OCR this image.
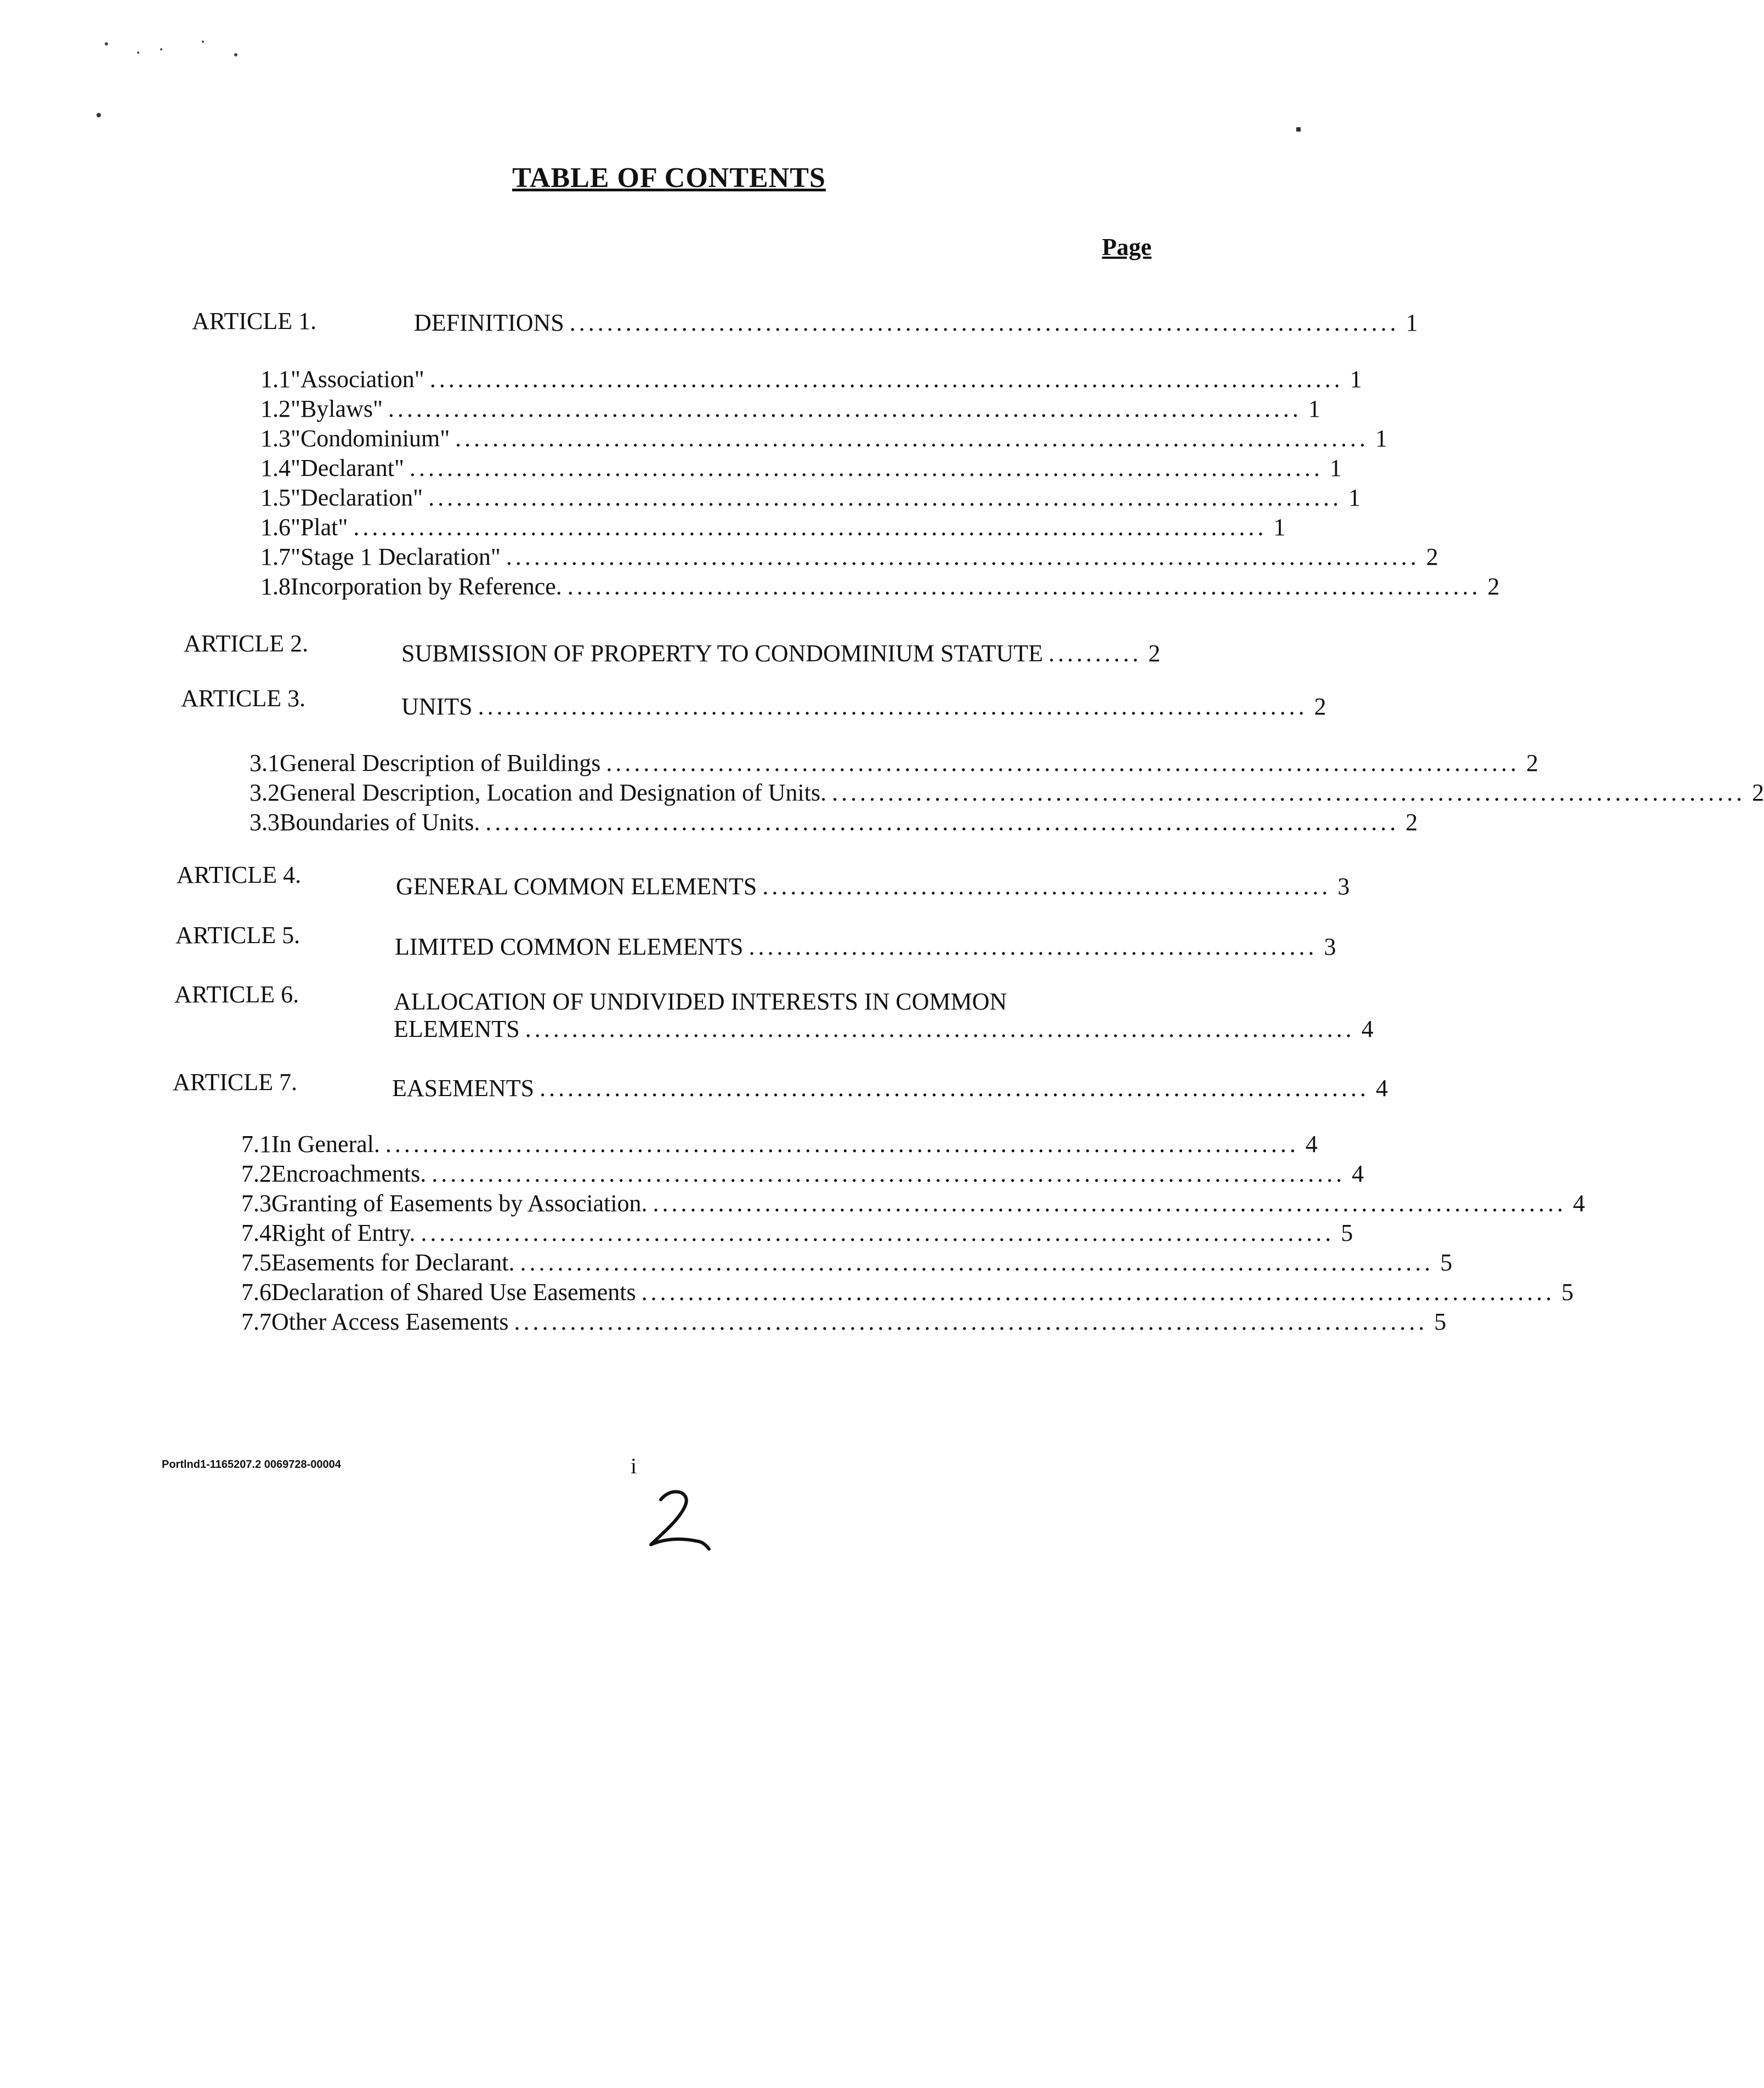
TABLE OF CONTENTS
Page
ARTICLE 1.	DEFINITIONS ......................................................................................... 1
1.1 "Association" .................................................................................................. 1
1.2 "Bylaws" .................................................................................................. 1
1.3 "Condominium" .................................................................................................. 1
1.4 "Declarant" .................................................................................................. 1
1.5 "Declaration" .................................................................................................. 1
1.6 "Plat" .................................................................................................. 1
1.7 "Stage 1 Declaration" .................................................................................................. 2
1.8 Incorporation by Reference. .................................................................................................. 2
ARTICLE 2.	SUBMISSION OF PROPERTY TO CONDOMINIUM STATUTE .......... 2
ARTICLE 3.	UNITS ......................................................................................... 2
3.1 General Description of Buildings .................................................................................................. 2
3.2 General Description, Location and Designation of Units. .................................................................................................. 2
3.3 Boundaries of Units. .................................................................................................. 2
ARTICLE 4.	GENERAL COMMON ELEMENTS ............................................................. 3
ARTICLE 5.	LIMITED COMMON ELEMENTS ............................................................. 3
ARTICLE 6.	ALLOCATION OF UNDIVIDED INTERESTS IN COMMON
ELEMENTS ......................................................................................... 4
ARTICLE 7.	EASEMENTS ......................................................................................... 4
7.1 In General. .................................................................................................. 4
7.2 Encroachments. .................................................................................................. 4
7.3 Granting of Easements by Association. .................................................................................................. 4
7.4 Right of Entry. .................................................................................................. 5
7.5 Easements for Declarant. .................................................................................................. 5
7.6 Declaration of Shared Use Easements .................................................................................................. 5
7.7 Other Access Easements .................................................................................................. 5
Portlnd1-1165207.2 0069728-00004	i
